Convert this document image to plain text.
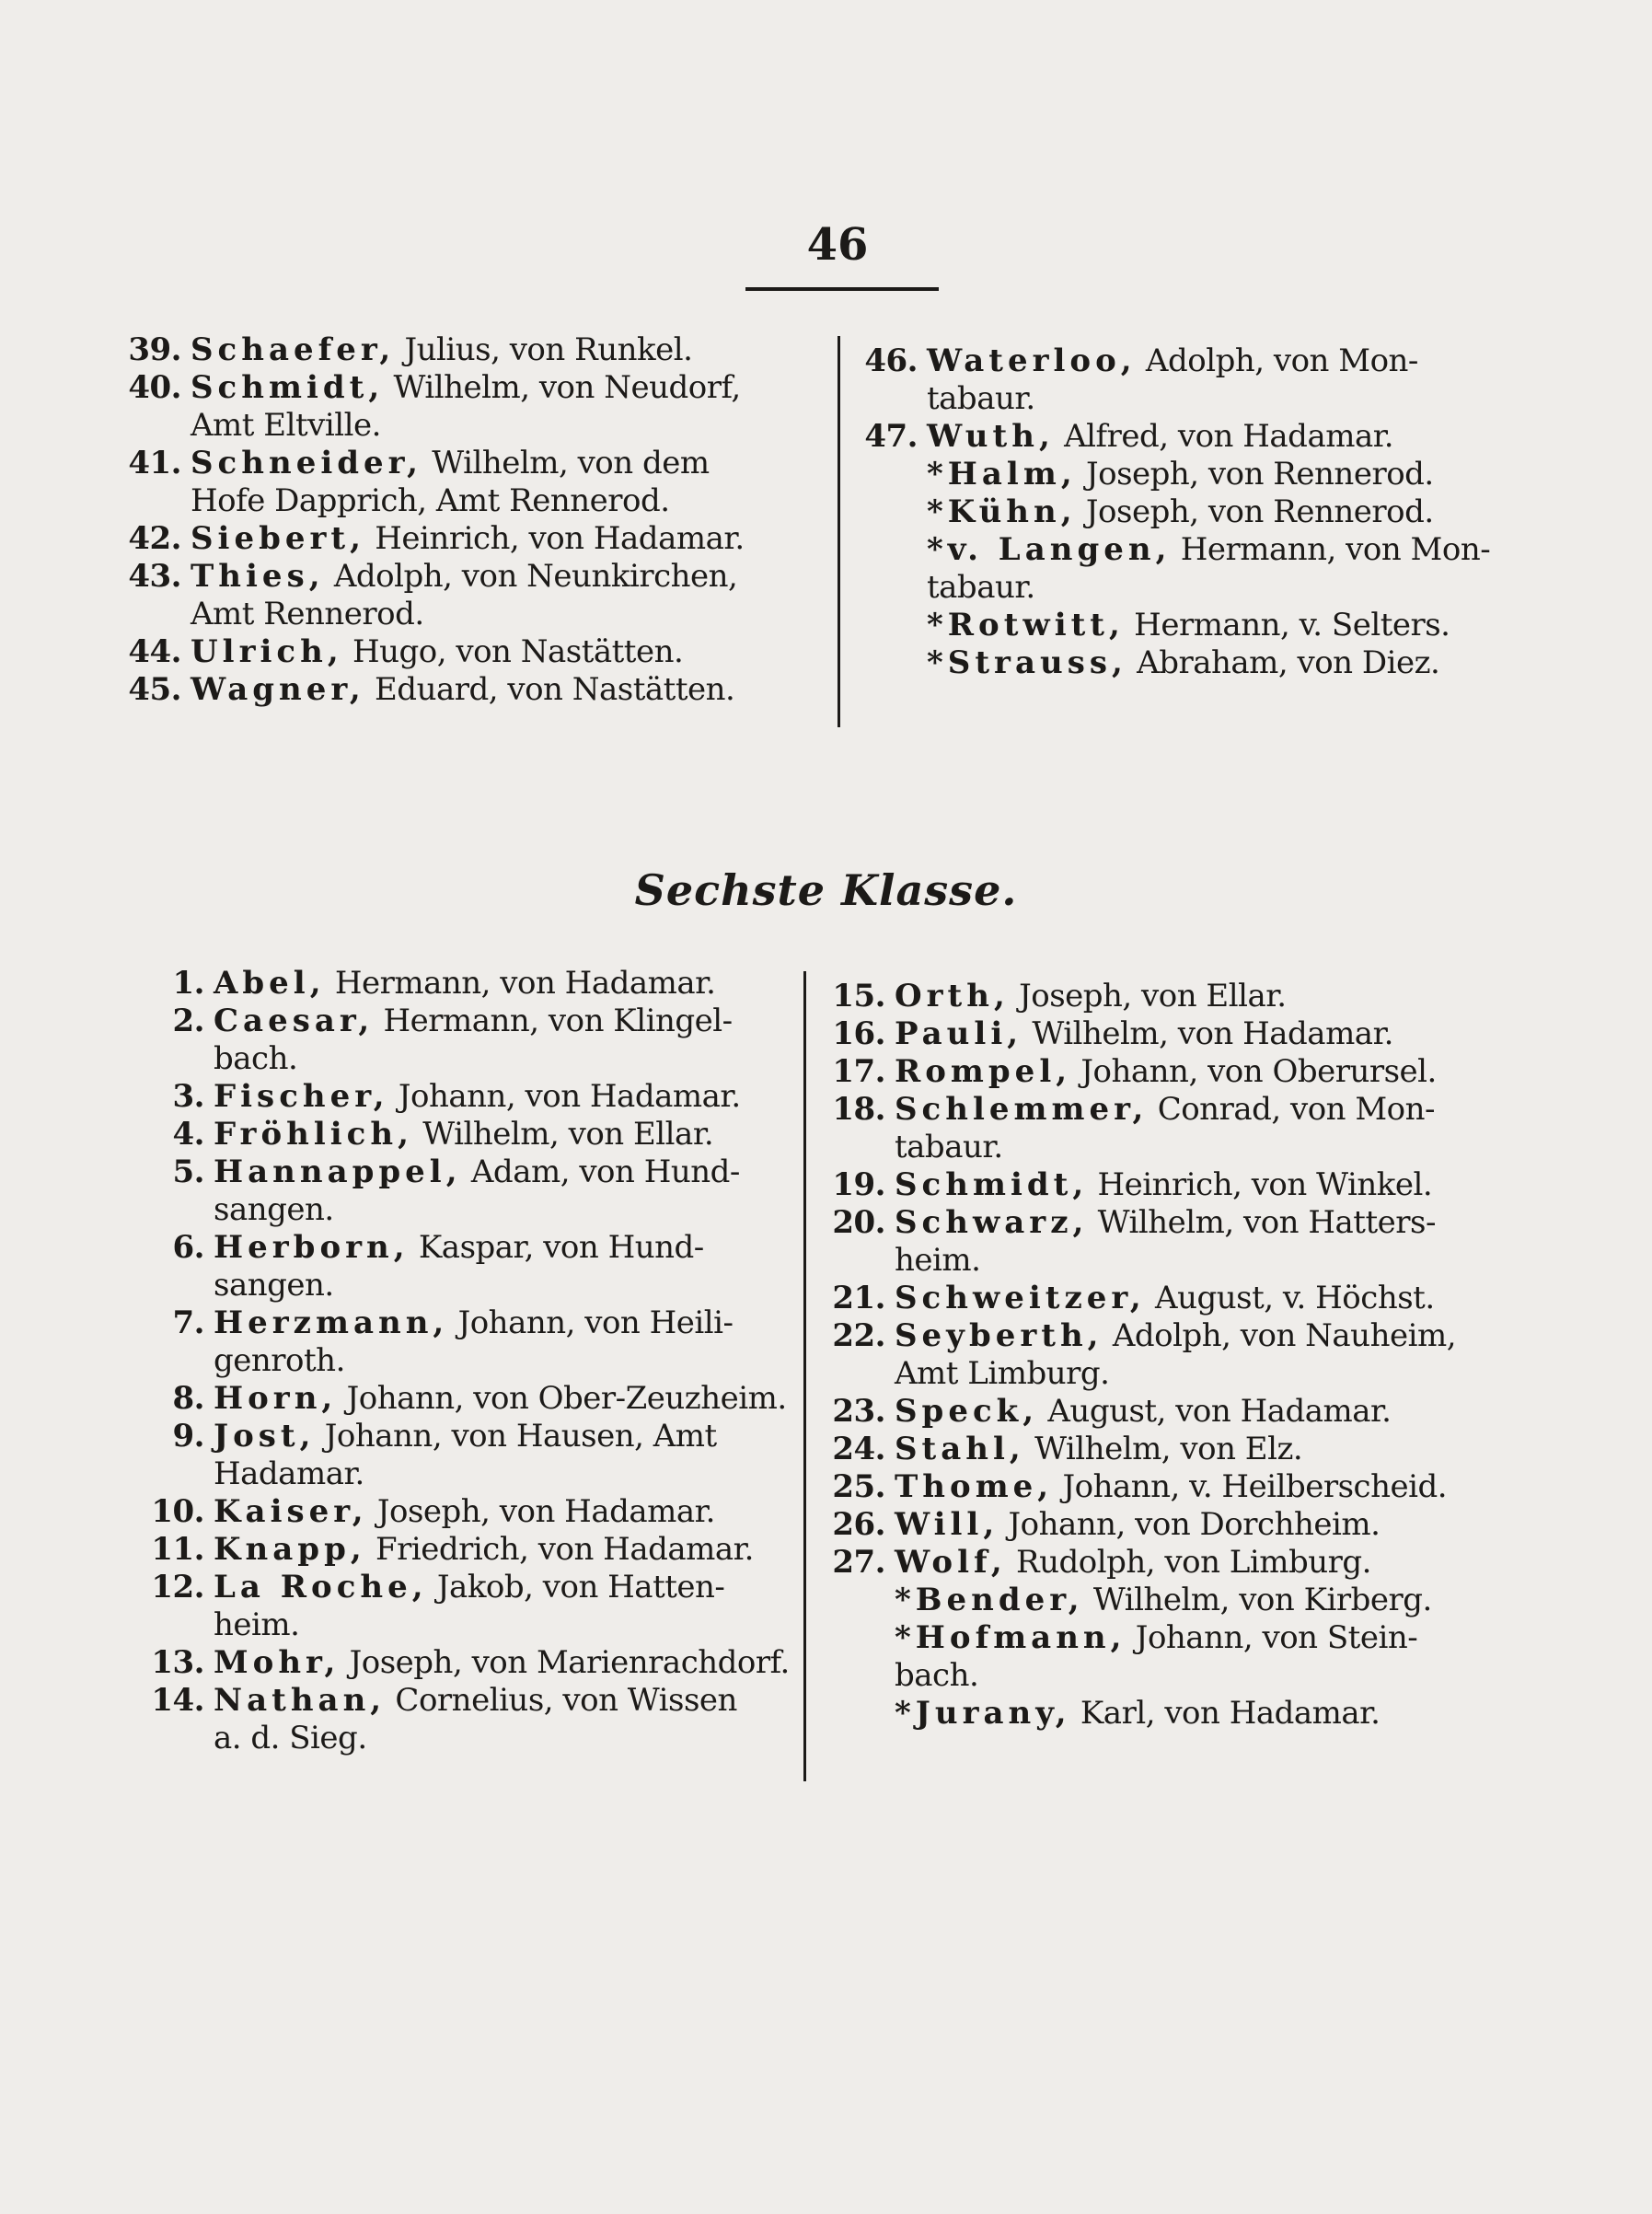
46
39. Schaefer, Julius, von Runkel.
40. Schmidt, Wilhelm, von Neudorf,
Amt Eltville.
41. Schneider, Wilhelm, von dem
Hofe Dapprich, Amt Rennerod.
42. Siebert, Heinrich, von Hadamar.
43. Thies, Adolph, von Neunkirchen,
Amt Rennerod.
44. Ulrich, Hugo, von Nastätten.
45. Wagner, Eduard, von Nastätten.
46. Waterloo, Adolph, von Mon-
tabaur.
47. Wuth, Alfred, von Hadamar.
*Halm, Joseph, von Rennerod.
*Kühn, Joseph, von Rennerod.
*v. Langen, Hermann, von Mon-
tabaur.
*Rotwitt, Hermann, v. Selters.
*Strauss, Abraham, von Diez.
Sechste Klasse.
1. Abel, Hermann, von Hadamar.
2. Caesar, Hermann, von Klingel-
bach.
3. Fischer, Johann, von Hadamar.
4. Fröhlich, Wilhelm, von Ellar.
5. Hannappel, Adam, von Hund-
sangen.
6. Herborn, Kaspar, von Hund-
sangen.
7. Herzmann, Johann, von Heili-
genroth.
8. Horn, Johann, von Ober-Zeuzheim.
9. Jost, Johann, von Hausen, Amt
Hadamar.
10. Kaiser, Joseph, von Hadamar.
11. Knapp, Friedrich, von Hadamar.
12. La Roche, Jakob, von Hatten-
heim.
13. Mohr, Joseph, von Marienrachdorf.
14. Nathan, Cornelius, von Wissen
a. d. Sieg.
15. Orth, Joseph, von Ellar.
16. Pauli, Wilhelm, von Hadamar.
17. Rompel, Johann, von Oberursel.
18. Schlemmer, Conrad, von Mon-
tabaur.
19. Schmidt, Heinrich, von Winkel.
20. Schwarz, Wilhelm, von Hatters-
heim.
21. Schweitzer, August, v. Höchst.
22. Seyberth, Adolph, von Nauheim,
Amt Limburg.
23. Speck, August, von Hadamar.
24. Stahl, Wilhelm, von Elz.
25. Thome, Johann, v. Heilberscheid.
26. Will, Johann, von Dorchheim.
27. Wolf, Rudolph, von Limburg.
*Bender, Wilhelm, von Kirberg.
*Hofmann, Johann, von Stein-
bach.
*Jurany, Karl, von Hadamar.
